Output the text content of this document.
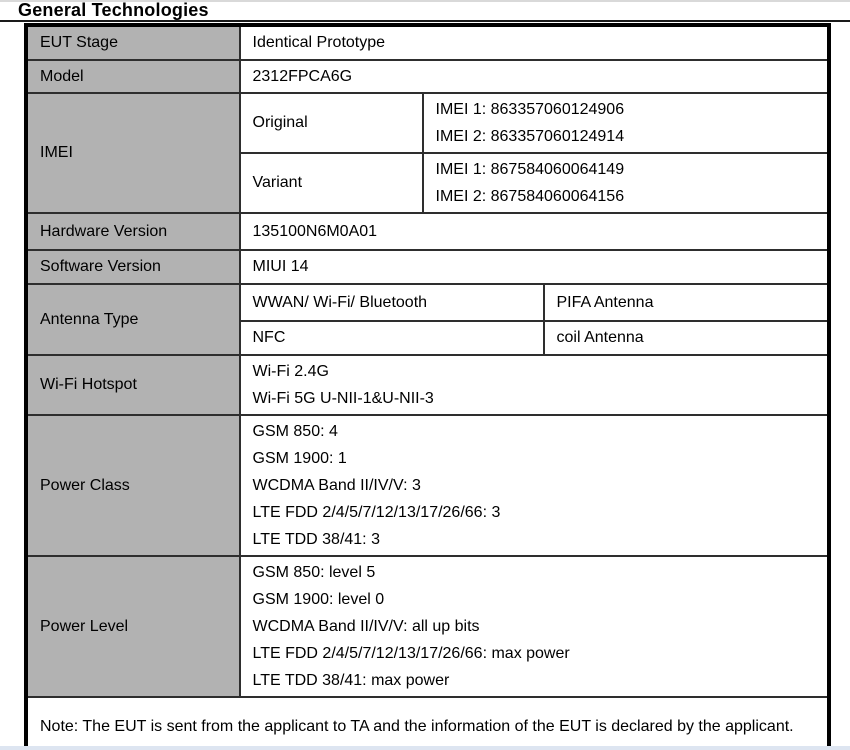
General Technologies
EUT Stage	Identical Prototype		
Model	2312FPCA6G		
IMEI	Original	IMEI 1: 863357060124906
IMEI 2: 863357060124914	

	Variant	IMEI 1: 867584060064149
IMEI 2: 867584060064156	

Hardware Version	135100N6M0A01		
Software Version	MIUI 14		
Antenna Type	WWAN/ Wi-Fi/ Bluetooth		PIFA Antenna
	NFC		coil Antenna
Wi-Fi Hotspot	Wi-Fi 2.4G
Wi-Fi 5G U-NII-1&U-NII-3		

Power Class	GSM 850: 4
GSM 1900: 1
WCDMA Band II/IV/V: 3
LTE FDD 2/4/5/7/12/13/17/26/66: 3
LTE TDD 38/41: 3		

Power Level	GSM 850: level 5
GSM 1900: level 0
WCDMA Band II/IV/V: all up bits
LTE FDD 2/4/5/7/12/13/17/26/66: max power
LTE TDD 38/41: max power		

Note: The EUT is sent from the applicant to TA and the information of the EUT is declared by the applicant.			
